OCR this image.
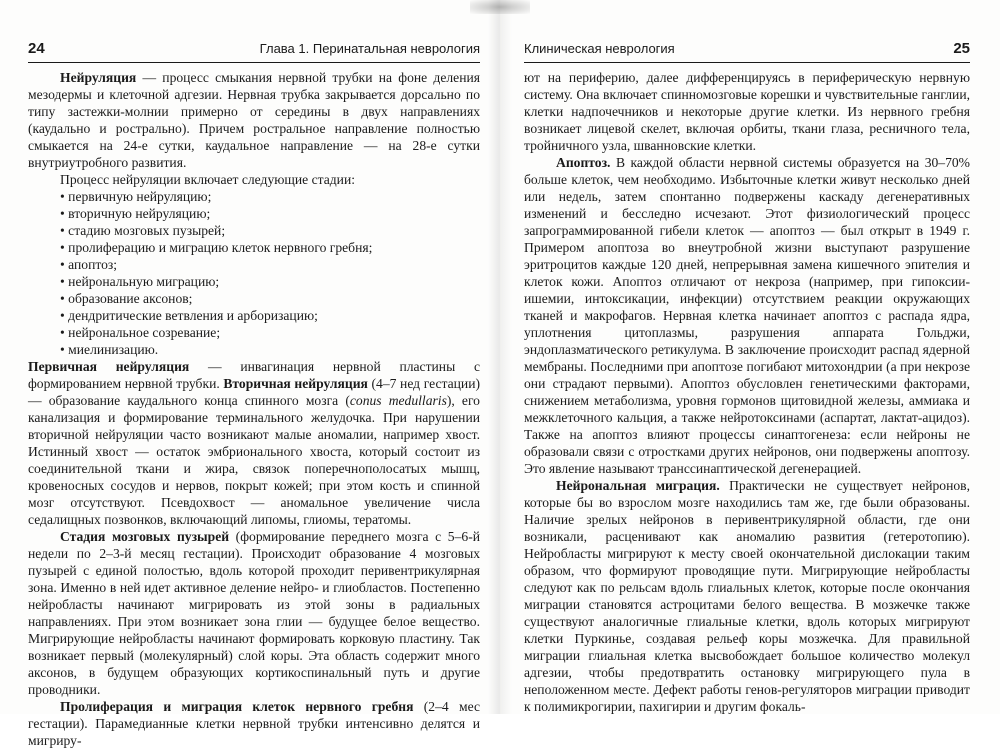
24	Глава 1. Перинатальная неврология

Нейруляция — процесс смыкания нервной трубки на фоне деления мезодермы и клеточной адгезии. Нервная трубка закрывается дорсально по типу застежки-молнии примерно от середины в двух направлениях (каудально и рострально). Причем ростральное направление полностью смыкается на 24-е сутки, каудальное направление — на 28-е сутки внутриутробного развития.

Процесс нейруляции включает следующие стадии:

• первичную нейруляцию;
• вторичную нейруляцию;
• стадию мозговых пузырей;
• пролиферацию и миграцию клеток нервного гребня;
• апоптоз;
• нейрональную миграцию;
• образование аксонов;
• дендритические ветвления и арборизацию;
• нейрональное созревание;
• миелинизацию.

Первичная нейруляция — инвагинация нервной пластины с формированием нервной трубки. Вторичная нейруляция (4–7 нед гестации) — образование каудального конца спинного мозга (conus medullaris), его канализация и формирование терминального желудочка. При нарушении вторичной нейруляции часто возникают малые аномалии, например хвост. Истинный хвост — остаток эмбрионального хвоста, который состоит из соединительной ткани и жира, связок поперечнополосатых мышц, кровеносных сосудов и нервов, покрыт кожей; при этом кость и спинной мозг отсутствуют. Псевдохвост — аномальное увеличение числа седалищных позвонков, включающий липомы, глиомы, тератомы.

Стадия мозговых пузырей (формирование переднего мозга с 5–6-й недели по 2–3-й месяц гестации). Происходит образование 4 мозговых пузырей с единой полостью, вдоль которой проходит перивентрикулярная зона. Именно в ней идет активное деление нейро- и глиобластов. Постепенно нейробласты начинают мигрировать из этой зоны в радиальных направлениях. При этом возникает зона глии — будущее белое вещество. Мигрирующие нейробласты начинают формировать корковую пластину. Так возникает первый (молекулярный) слой коры. Эта область содержит много аксонов, в будущем образующих кортикоспинальный путь и другие проводники.

Пролиферация и миграция клеток нервного гребня (2–4 мес гестации). Парамедианные клетки нервной трубки интенсивно делятся и мигриру-

Клиническая неврология	25

ют на периферию, далее дифференцируясь в периферическую нервную систему. Она включает спинномозговые корешки и чувствительные ганглии, клетки надпочечников и некоторые другие клетки. Из нервного гребня возникает лицевой скелет, включая орбиты, ткани глаза, ресничного тела, тройничного узла, шванновские клетки.

Апоптоз. В каждой области нервной системы образуется на 30–70% больше клеток, чем необходимо. Избыточные клетки живут несколько дней или недель, затем спонтанно подвержены каскаду дегенеративных изменений и бесследно исчезают. Этот физиологический процесс запрограммированной гибели клеток — апоптоз — был открыт в 1949 г. Примером апоптоза во внеутробной жизни выступают разрушение эритроцитов каждые 120 дней, непрерывная замена кишечного эпителия и клеток кожи. Апоптоз отличают от некроза (например, при гипоксии-ишемии, интоксикации, инфекции) отсутствием реакции окружающих тканей и макрофагов. Нервная клетка начинает апоптоз с распада ядра, уплотнения цитоплазмы, разрушения аппарата Гольджи, эндоплазматического ретикулума. В заключение происходит распад ядерной мембраны. Последними при апоптозе погибают митохондрии (а при некрозе они страдают первыми). Апоптоз обусловлен генетическими факторами, снижением метаболизма, уровня гормонов щитовидной железы, аммиака и межклеточного кальция, а также нейротоксинами (аспартат, лактат-ацидоз). Также на апоптоз влияют процессы синаптогенеза: если нейроны не образовали связи с отростками других нейронов, они подвержены апоптозу. Это явление называют транссинаптической дегенерацией.

Нейрональная миграция. Практически не существует нейронов, которые бы во взрослом мозге находились там же, где были образованы. Наличие зрелых нейронов в перивентрикулярной области, где они возникали, расценивают как аномалию развития (гетеротопию). Нейробласты мигрируют к месту своей окончательной дислокации таким образом, что формируют проводящие пути. Мигрирующие нейробласты следуют как по рельсам вдоль глиальных клеток, которые после окончания миграции становятся астроцитами белого вещества. В мозжечке также существуют аналогичные глиальные клетки, вдоль которых мигрируют клетки Пуркинье, создавая рельеф коры мозжечка. Для правильной миграции глиальная клетка высвобождает большое количество молекул адгезии, чтобы предотвратить остановку мигрирующего пула в неположенном месте. Дефект работы генов-регуляторов миграции приводит к полимикрогирии, пахигирии и другим фокаль-
